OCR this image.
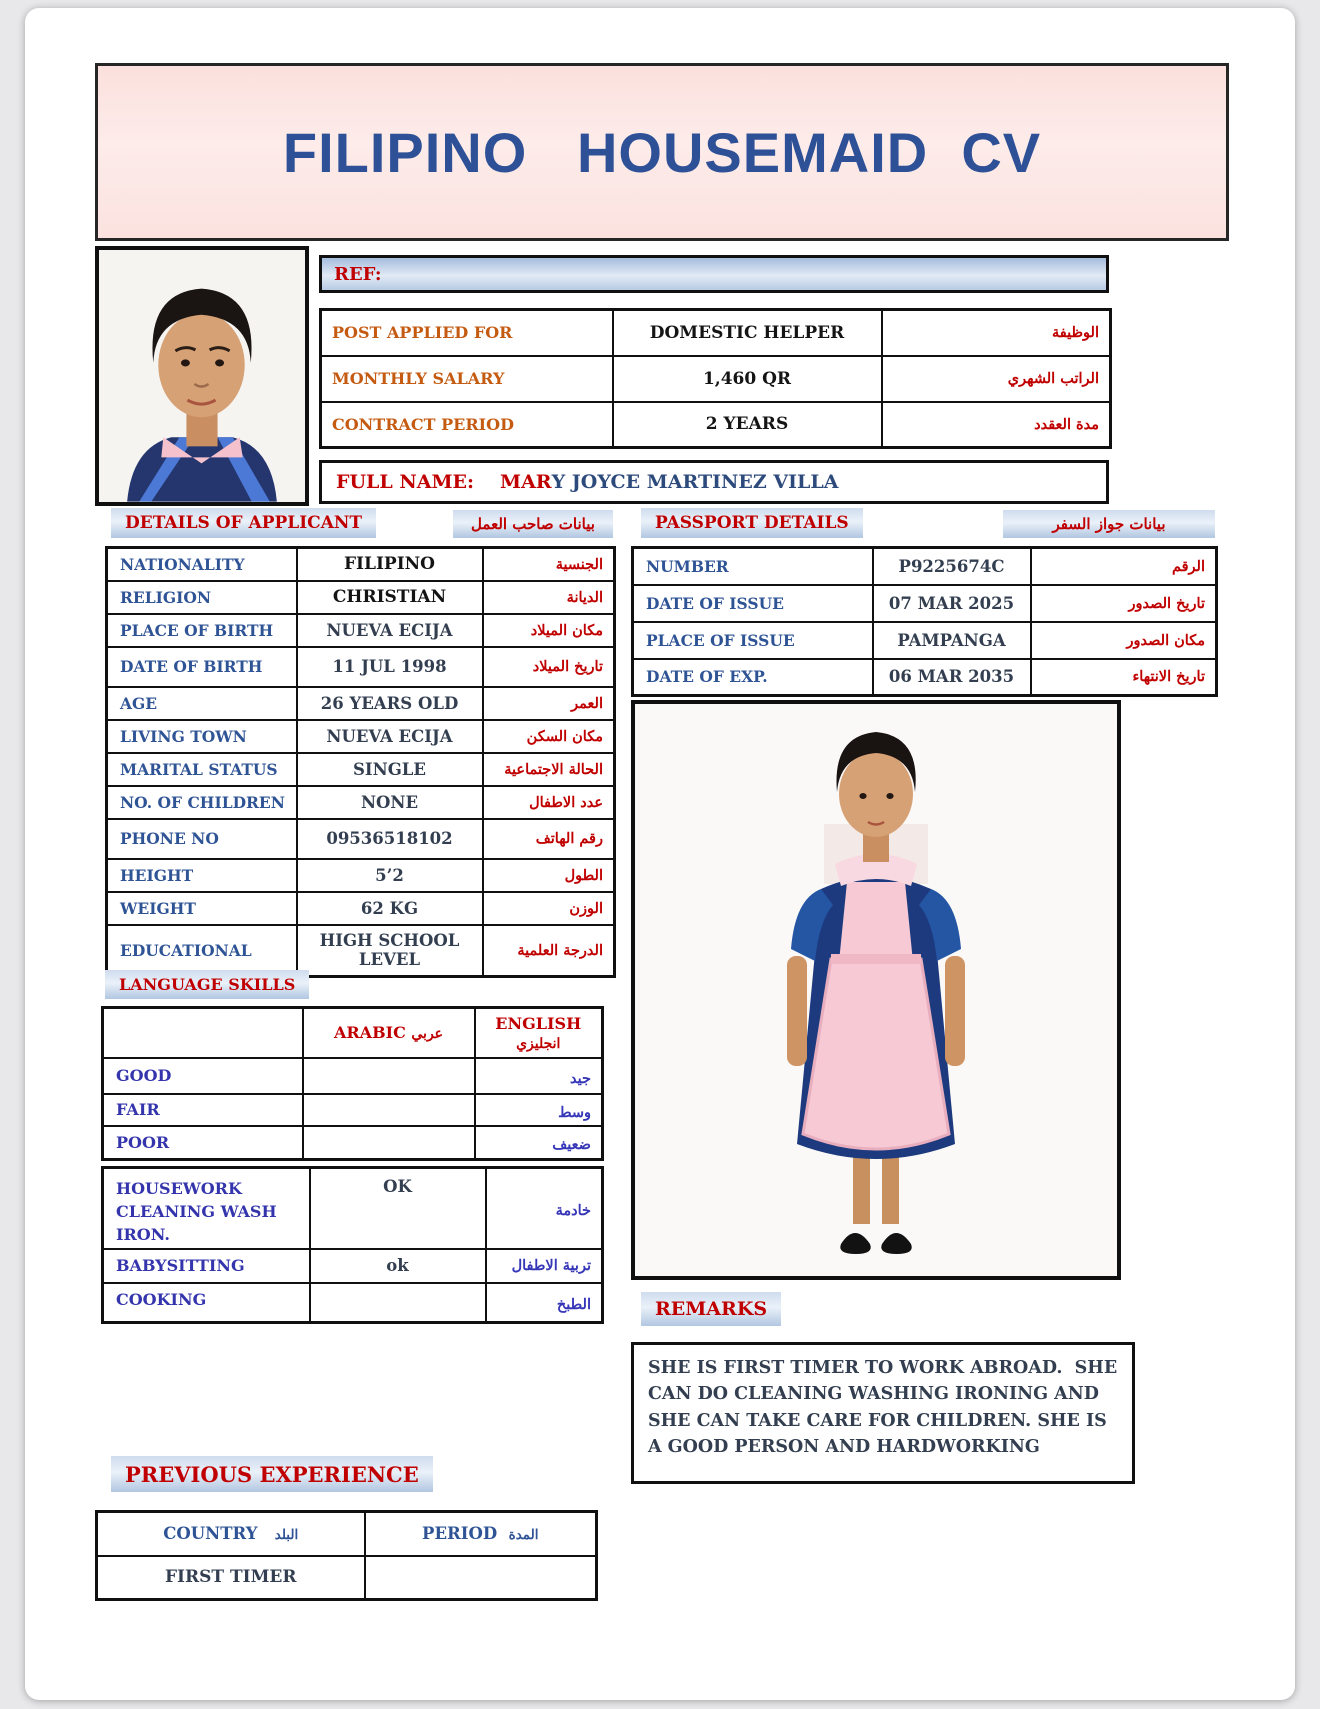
FILIPINO   HOUSEMAID  CV
REF:
POST APPLIED FOR	DOMESTIC HELPER	الوظيفة
MONTHLY SALARY	1,460 QR	الراتب الشهري
CONTRACT PERIOD	2 YEARS	مدة العقدد
FULL NAME: MAR Y JOYCE MARTINEZ VILLA
DETAILS OF APPLICANT	بيانات صاحب العمل	PASSPORT DETAILS	بيانات جواز السفر
NATIONALITY	FILIPINO	الجنسية
RELIGION	CHRISTIAN	الديانة
PLACE OF BIRTH	NUEVA ECIJA	مكان الميلاد
DATE OF BIRTH	11 JUL 1998	تاريخ الميلاد
AGE	26 YEARS OLD	العمر
LIVING TOWN	NUEVA ECIJA	مكان السكن
MARITAL STATUS	SINGLE	الحالة الاجتماعية
NO. OF CHILDREN	NONE	عدد الاطفال
PHONE NO	09536518102	رقم الهاتف
HEIGHT	5’2	الطول
WEIGHT	62 KG	الوزن
EDUCATIONAL	HIGH SCHOOL LEVEL	الدرجة العلمية
NUMBER	P9225674C	الرقم
DATE OF ISSUE	07 MAR 2025	تاريخ الصدور
PLACE OF ISSUE	PAMPANGA	مكان الصدور
DATE OF EXP.	06 MAR 2035	تاريخ الانتهاء
LANGUAGE SKILLS
	ARABIC عربي	ENGLISH انجليزي
GOOD		جيد
FAIR		وسط
POOR		ضعيف
HOUSEWORK CLEANING WASH IRON.	OK	خادمة
BABYSITTING	ok	تربية الاطفال
COOKING		الطبخ	REMARKS
SHE IS FIRST TIMER TO WORK ABROAD.  SHE CAN DO CLEANING WASHING IRONING AND SHE CAN TAKE CARE FOR CHILDREN. SHE IS A GOOD PERSON AND HARDWORKING
PREVIOUS EXPERIENCE
COUNTRY البلد	PERIOD المدة
FIRST TIMER	
